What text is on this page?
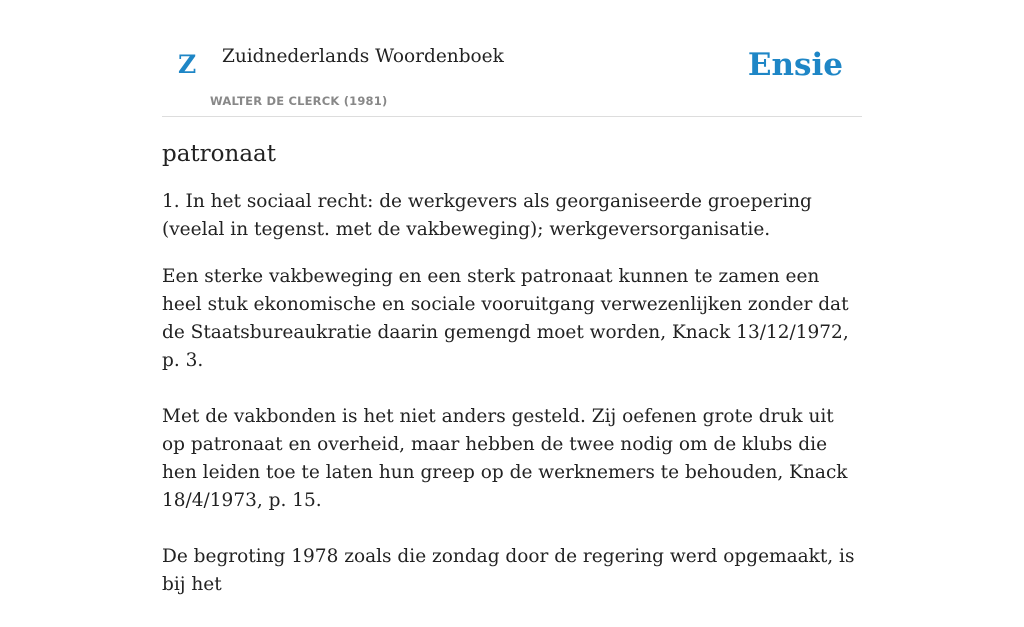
Z Zuidnederlands Woordenboek
WALTER DE CLERCK (1981)
Ensie
patronaat

1. In het sociaal recht: de werkgevers als georganiseerde groepering (veelal in tegenst. met de vakbeweging); werkgeversorganisatie.

Een sterke vakbeweging en een sterk patronaat kunnen te zamen een heel stuk ekonomische en sociale vooruitgang verwezenlijken zonder dat de Staatsbureaukratie daarin gemengd moet worden, Knack 13/12/1972, p. 3.

Met de vakbonden is het niet anders gesteld. Zij oefenen grote druk uit op patronaat en overheid, maar hebben de twee nodig om de klubs die hen leiden toe te laten hun greep op de werknemers te behouden, Knack 18/4/1973, p. 15.

De begroting 1978 zoals die zondag door de regering werd opgemaakt, is bij het
